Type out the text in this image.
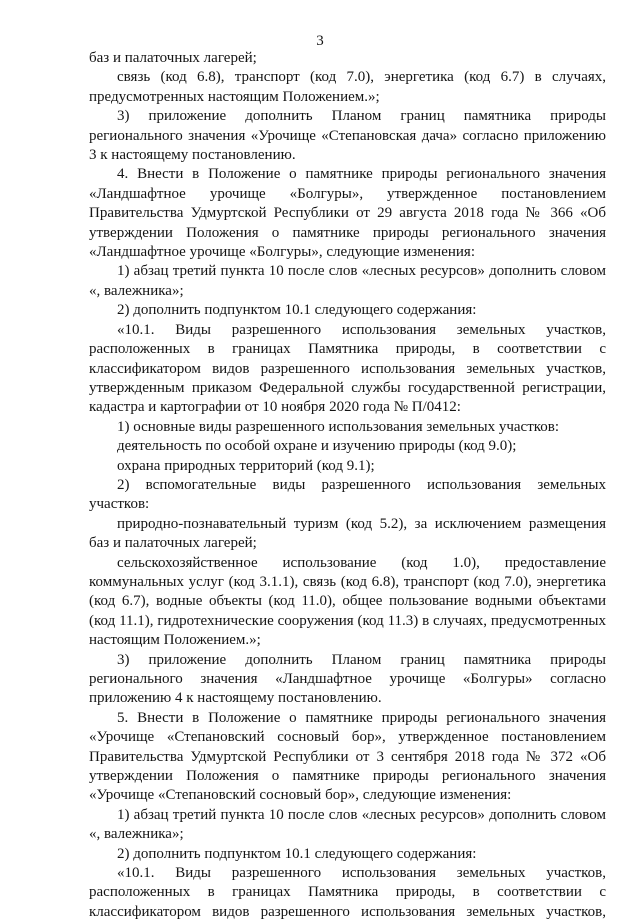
3

баз и палаточных лагерей;

связь (код 6.8), транспорт (код 7.0), энергетика (код 6.7) в случаях, предусмотренных настоящим Положением.»;

3) приложение дополнить Планом границ памятника природы регионального значения «Урочище «Степановская дача» согласно приложению 3 к настоящему постановлению.

4. Внести в Положение о памятнике природы регионального значения «Ландшафтное урочище «Болгуры», утвержденное постановлением Правительства Удмуртской Республики от 29 августа 2018 года № 366 «Об утверждении Положения о памятнике природы регионального значения «Ландшафтное урочище «Болгуры», следующие изменения:

1) абзац третий пункта 10 после слов «лесных ресурсов» дополнить словом «, валежника»;

2) дополнить подпунктом 10.1 следующего содержания:

«10.1. Виды разрешенного использования земельных участков, расположенных в границах Памятника природы, в соответствии с классификатором видов разрешенного использования земельных участков, утвержденным приказом Федеральной службы государственной регистрации, кадастра и картографии от 10 ноября 2020 года № П/0412:

1) основные виды разрешенного использования земельных участков:

деятельность по особой охране и изучению природы (код 9.0);

охрана природных территорий (код 9.1);

2) вспомогательные виды разрешенного использования земельных участков:

природно-познавательный туризм (код 5.2), за исключением размещения баз и палаточных лагерей;

сельскохозяйственное использование (код 1.0), предоставление коммунальных услуг (код 3.1.1), связь (код 6.8), транспорт (код 7.0), энергетика (код 6.7), водные объекты (код 11.0), общее пользование водными объектами (код 11.1), гидротехнические сооружения (код 11.3) в случаях, предусмотренных настоящим Положением.»;

3) приложение дополнить Планом границ памятника природы регионального значения «Ландшафтное урочище «Болгуры» согласно приложению 4 к настоящему постановлению.

5. Внести в Положение о памятнике природы регионального значения «Урочище «Степановский сосновый бор», утвержденное постановлением Правительства Удмуртской Республики от 3 сентября 2018 года № 372 «Об утверждении Положения о памятнике природы регионального значения «Урочище «Степановский сосновый бор», следующие изменения:

1) абзац третий пункта 10 после слов «лесных ресурсов» дополнить словом «, валежника»;

2) дополнить подпунктом 10.1 следующего содержания:

«10.1. Виды разрешенного использования земельных участков, расположенных в границах Памятника природы, в соответствии с классификатором видов разрешенного использования земельных участков,
